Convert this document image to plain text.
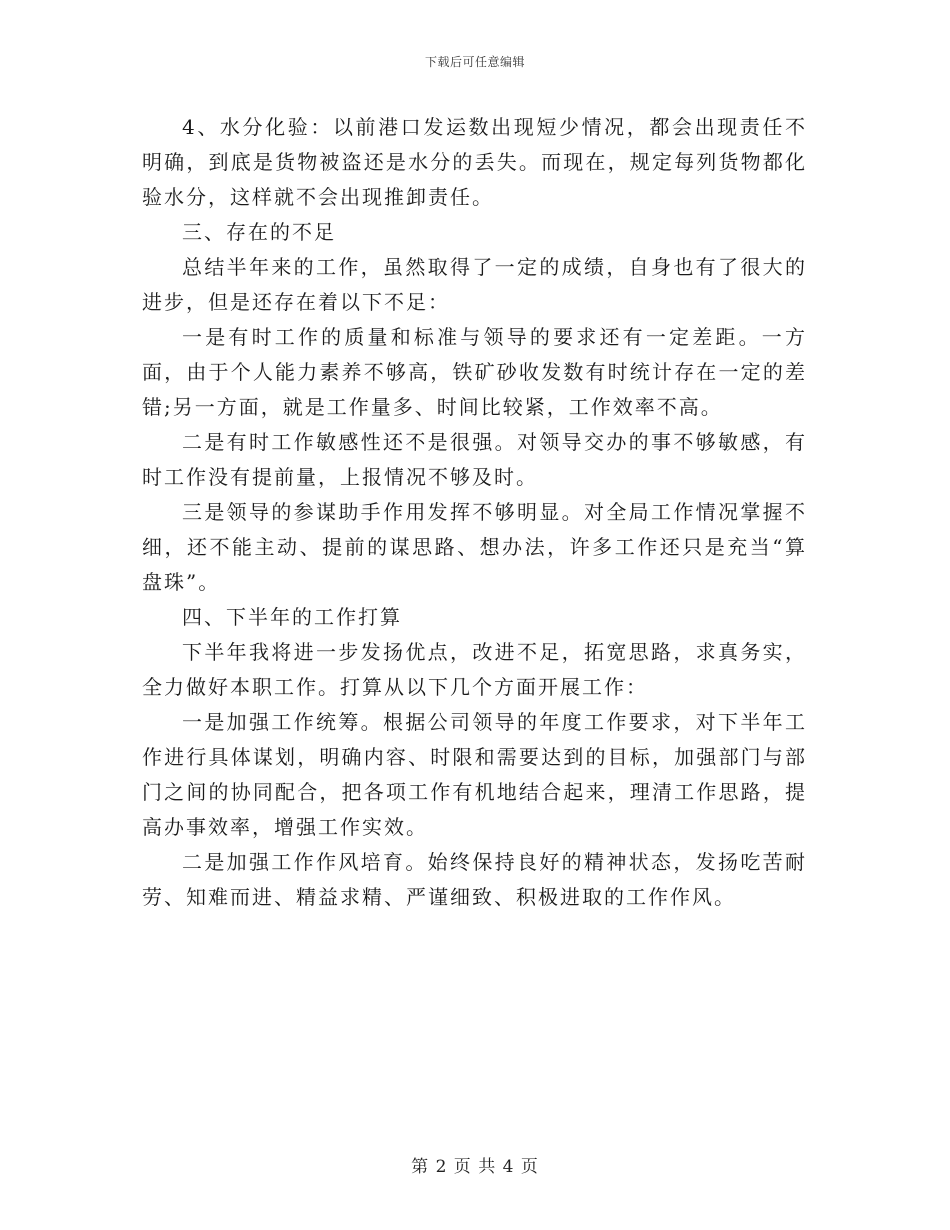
下载后可任意编辑

4、水分化验：以前港口发运数出现短少情况，都会出现责任不明确，到底是货物被盗还是水分的丢失。而现在，规定每列货物都化验水分，这样就不会出现推卸责任。

三、存在的不足

总结半年来的工作，虽然取得了一定的成绩，自身也有了很大的进步，但是还存在着以下不足：

一是有时工作的质量和标准与领导的要求还有一定差距。一方面，由于个人能力素养不够高，铁矿砂收发数有时统计存在一定的差错;另一方面，就是工作量多、时间比较紧，工作效率不高。

二是有时工作敏感性还不是很强。对领导交办的事不够敏感，有时工作没有提前量，上报情况不够及时。

三是领导的参谋助手作用发挥不够明显。对全局工作情况掌握不细，还不能主动、提前的谋思路、想办法，许多工作还只是充当“算盘珠”。

四、下半年的工作打算

下半年我将进一步发扬优点，改进不足，拓宽思路，求真务实，全力做好本职工作。打算从以下几个方面开展工作：

一是加强工作统筹。根据公司领导的年度工作要求，对下半年工作进行具体谋划，明确内容、时限和需要达到的目标，加强部门与部门之间的协同配合，把各项工作有机地结合起来，理清工作思路，提高办事效率，增强工作实效。

二是加强工作作风培育。始终保持良好的精神状态，发扬吃苦耐劳、知难而进、精益求精、严谨细致、积极进取的工作作风。

第 2 页 共 4 页
